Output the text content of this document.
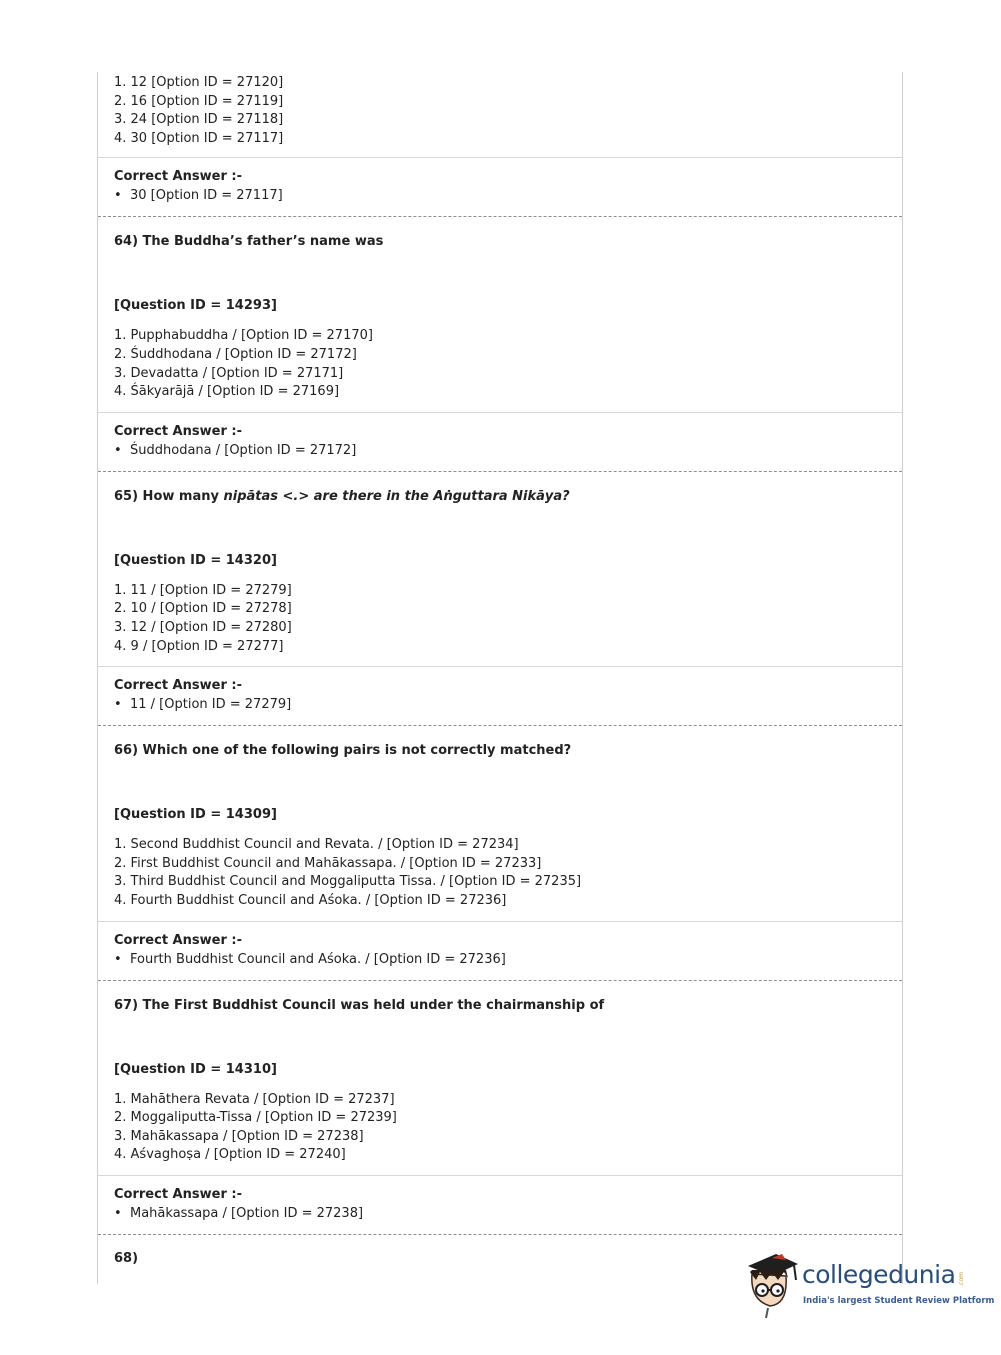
1. 12 [Option ID = 27120]
2. 16 [Option ID = 27119]
3. 24 [Option ID = 27118]
4. 30 [Option ID = 27117]
Correct Answer :-
• 30 [Option ID = 27117]
64) The Buddha’s father’s name was
[Question ID = 14293]
1. Pupphabuddha / [Option ID = 27170]
2. Śuddhodana / [Option ID = 27172]
3. Devadatta / [Option ID = 27171]
4. Śākyarājā / [Option ID = 27169]
Correct Answer :-
• Śuddhodana / [Option ID = 27172]
65) How many nipātas <.> are there in the Aṅguttara Nikāya?
[Question ID = 14320]
1. 11 / [Option ID = 27279]
2. 10 / [Option ID = 27278]
3. 12 / [Option ID = 27280]
4. 9 / [Option ID = 27277]
Correct Answer :-
• 11 / [Option ID = 27279]
66) Which one of the following pairs is not correctly matched?
[Question ID = 14309]
1. Second Buddhist Council and Revata. / [Option ID = 27234]
2. First Buddhist Council and Mahākassapa. / [Option ID = 27233]
3. Third Buddhist Council and Moggaliputta Tissa. / [Option ID = 27235]
4. Fourth Buddhist Council and Aśoka. / [Option ID = 27236]
Correct Answer :-
• Fourth Buddhist Council and Aśoka. / [Option ID = 27236]
67) The First Buddhist Council was held under the chairmanship of
[Question ID = 14310]
1. Mahāthera Revata / [Option ID = 27237]
2. Moggaliputta-Tissa / [Option ID = 27239]
3. Mahākassapa / [Option ID = 27238]
4. Aśvaghoṣa / [Option ID = 27240]
Correct Answer :-
• Mahākassapa / [Option ID = 27238]
68)
collegedunia .com
India's largest Student Review Platform
